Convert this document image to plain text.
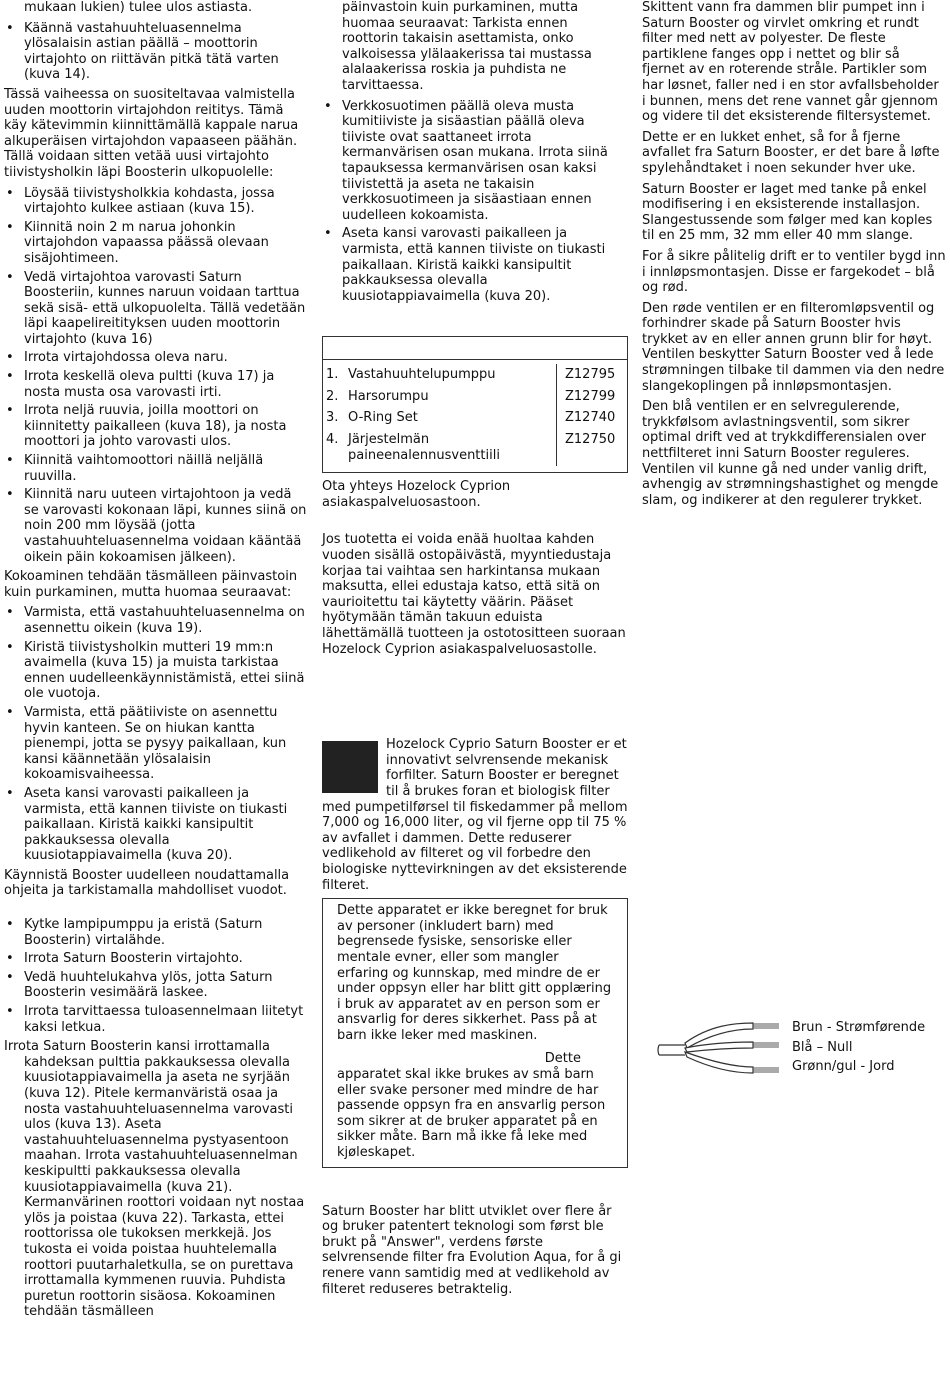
mukaan lukien) tulee ulos astiasta.

• Käännä vastahuuhteluasennelma ylösalaisin astian päällä – moottorin virtajohto on riittävän pitkä tätä varten (kuva 14).

Tässä vaiheessa on suositeltavaa valmistella uuden moottorin virtajohdon reititys. Tämä käy kätevimmin kiinnittämällä kappale narua alkuperäisen virtajohdon vapaaseen päähän. Tällä voidaan sitten vetää uusi virtajohto tiivistysholkin läpi Boosterin ulkopuolelle:

• Löysää tiivistysholkkia kohdasta, jossa virtajohto kulkee astiaan (kuva 15).
• Kiinnitä noin 2 m narua johonkin virtajohdon vapaassa päässä olevaan sisäjohtimeen.
• Vedä virtajohtoa varovasti Saturn Boosteriin, kunnes naruun voidaan tarttua sekä sisä- että ulkopuolelta. Tällä vedetään läpi kaapelireitityksen uuden moottorin virtajohto (kuva 16)
• Irrota virtajohdossa oleva naru.
• Irrota keskellä oleva pultti (kuva 17) ja nosta musta osa varovasti irti.
• Irrota neljä ruuvia, joilla moottori on kiinnitetty paikalleen (kuva 18), ja nosta moottori ja johto varovasti ulos.
• Kiinnitä vaihtomoottori näillä neljällä ruuvilla.
• Kiinnitä naru uuteen virtajohtoon ja vedä se varovasti kokonaan läpi, kunnes siinä on noin 200 mm löysää (jotta vastahuuhteluasennelma voidaan kääntää oikein päin kokoamisen jälkeen).

Kokoaminen tehdään täsmälleen päinvastoin kuin purkaminen, mutta huomaa seuraavat:

• Varmista, että vastahuuhteluasennelma on asennettu oikein (kuva 19).
• Kiristä tiivistysholkin mutteri 19 mm:n avaimella (kuva 15) ja muista tarkistaa ennen uudelleenkäynnistämistä, ettei siinä ole vuotoja.
• Varmista, että päätiiviste on asennettu hyvin kanteen. Se on hiukan kantta pienempi, jotta se pysyy paikallaan, kun kansi käännetään ylösalaisin kokoamisvaiheessa.
• Aseta kansi varovasti paikalleen ja varmista, että kannen tiiviste on tiukasti paikallaan. Kiristä kaikki kansipultit pakkauksessa olevalla kuusiotappiavaimella (kuva 20).

Käynnistä Booster uudelleen noudattamalla ohjeita ja tarkistamalla mahdolliset vuodot.

• Kytke lampipumppu ja eristä (Saturn Boosterin) virtalähde.
• Irrota Saturn Boosterin virtajohto.
• Vedä huuhtelukahva ylös, jotta Saturn Boosterin vesimäärä laskee.
• Irrota tarvittaessa tuloasennelmaan liitetyt kaksi letkua.

Irrota Saturn Boosterin kansi irrottamalla kahdeksan pulttia pakkauksessa olevalla kuusiotappiavaimella ja aseta ne syrjään (kuva 12). Pitele kermanväristä osaa ja nosta vastahuuhteluasennelma varovasti ulos (kuva 13). Aseta vastahuuhteluasennelma pystyasentoon maahan. Irrota vastahuuhteluasennelman keskipultti pakkauksessa olevalla kuusiotappiavaimella (kuva 21). Kermanvärinen roottori voidaan nyt nostaa ylös ja poistaa (kuva 22). Tarkasta, ettei roottorissa ole tukoksen merkkejä. Jos tukosta ei voida poistaa huuhtelemalla roottori puutarhaletkulla, se on purettava irrottamalla kymmenen ruuvia. Puhdista puretun roottorin sisäosa. Kokoaminen tehdään täsmälleen

päinvastoin kuin purkaminen, mutta huomaa seuraavat: Tarkista ennen roottorin takaisin asettamista, onko valkoisessa ylälaakerissa tai mustassa alalaakerissa roskia ja puhdista ne tarvittaessa.

• Verkkosuotimen päällä oleva musta kumitiiviste ja sisäastian päällä oleva tiiviste ovat saattaneet irrota kermanvärisen osan mukana. Irrota siinä tapauksessa kermanvärisen osan kaksi tiivistettä ja aseta ne takaisin verkkosuotimeen ja sisäastiaan ennen uudelleen kokoamista.
• Aseta kansi varovasti paikalleen ja varmista, että kannen tiiviste on tiukasti paikallaan. Kiristä kaikki kansipultit pakkauksessa olevalla kuusiotappiavaimella (kuva 20).
1.	Vastahuuhtelupumppu	Z12795
2.	Harsorumpu	Z12799
3.	O-Ring Set	Z12740
4.	Järjestelmän paineenalennusventtiili	Z12750

Ota yhteys Hozelock Cyprion asiakaspalveluosastoon.

Jos tuotetta ei voida enää huoltaa kahden vuoden sisällä ostopäivästä, myyntiedustaja korjaa tai vaihtaa sen harkintansa mukaan maksutta, ellei edustaja katso, että sitä on vaurioitettu tai käytetty väärin. Pääset hyötymään tämän takuun eduista lähettämällä tuotteen ja ostotositteen suoraan Hozelock Cyprion asiakaspalveluosastolle.

Hozelock Cyprio Saturn Booster er et innovativt selvrensende mekanisk forfilter. Saturn Booster er beregnet til å brukes foran et biologisk filter med pumpetilførsel til fiskedammer på mellom 7,000 og 16,000 liter, og vil fjerne opp til 75 % av avfallet i dammen. Dette reduserer vedlikehold av filteret og vil forbedre den biologiske nyttevirkningen av det eksisterende filteret.

Dette apparatet er ikke beregnet for bruk av personer (inkludert barn) med begrensede fysiske, sensoriske eller mentale evner, eller som mangler erfaring og kunnskap, med mindre de er under oppsyn eller har blitt gitt opplæring i bruk av apparatet av en person som er ansvarlig for deres sikkerhet. Pass på at barn ikke leker med maskinen.

Dette

apparatet skal ikke brukes av små barn eller svake personer med mindre de har passende oppsyn fra en ansvarlig person som sikrer at de bruker apparatet på en sikker måte. Barn må ikke få leke med kjøleskapet.

Saturn Booster har blitt utviklet over flere år og bruker patentert teknologi som først ble brukt på "Answer", verdens første selvrensende filter fra Evolution Aqua, for å gi renere vann samtidig med at vedlikehold av filteret reduseres betraktelig.

Skittent vann fra dammen blir pumpet inn i Saturn Booster og virvlet omkring et rundt filter med nett av polyester. De fleste partiklene fanges opp i nettet og blir så fjernet av en roterende stråle. Partikler som har løsnet, faller ned i en stor avfallsbeholder i bunnen, mens det rene vannet går gjennom og videre til det eksisterende filtersystemet.

Dette er en lukket enhet, så for å fjerne avfallet fra Saturn Booster, er det bare å løfte spylehåndtaket i noen sekunder hver uke.

Saturn Booster er laget med tanke på enkel modifisering i en eksisterende installasjon. Slangestussende som følger med kan koples til en 25 mm, 32 mm eller 40 mm slange.

For å sikre pålitelig drift er to ventiler bygd inn i innløpsmontasjen. Disse er fargekodet – blå og rød.

Den røde ventilen er en filteromløpsventil og forhindrer skade på Saturn Booster hvis trykket av en eller annen grunn blir for høyt. Ventilen beskytter Saturn Booster ved å lede strømningen tilbake til dammen via den nedre slangekoplingen på innløpsmontasjen.

Den blå ventilen er en selvregulerende, trykkfølsom avlastningsventil, som sikrer optimal drift ved at trykkdifferensialen over nettfilteret inni Saturn Booster reguleres. Ventilen vil kunne gå ned under vanlig drift, avhengig av strømningshastighet og mengde slam, og indikerer at den regulerer trykket.

Brun - Strømførende
Blå – Null
Grønn/gul - Jord
